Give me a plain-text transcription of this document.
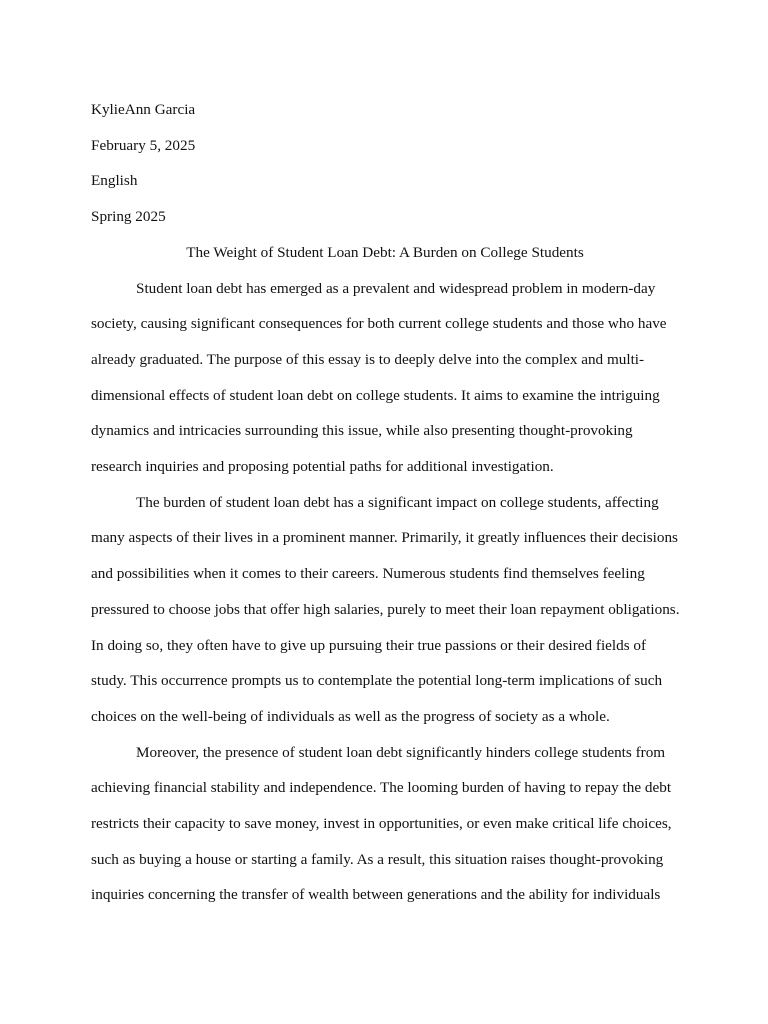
KylieAnn Garcia

February 5, 2025

English

Spring 2025

The Weight of Student Loan Debt: A Burden on College Students

Student loan debt has emerged as a prevalent and widespread problem in modern-day
society, causing significant consequences for both current college students and those who have
already graduated. The purpose of this essay is to deeply delve into the complex and multi-
dimensional effects of student loan debt on college students. It aims to examine the intriguing
dynamics and intricacies surrounding this issue, while also presenting thought-provoking
research inquiries and proposing potential paths for additional investigation.

The burden of student loan debt has a significant impact on college students, affecting
many aspects of their lives in a prominent manner. Primarily, it greatly influences their decisions
and possibilities when it comes to their careers. Numerous students find themselves feeling
pressured to choose jobs that offer high salaries, purely to meet their loan repayment obligations.
In doing so, they often have to give up pursuing their true passions or their desired fields of
study. This occurrence prompts us to contemplate the potential long-term implications of such
choices on the well-being of individuals as well as the progress of society as a whole.

Moreover, the presence of student loan debt significantly hinders college students from
achieving financial stability and independence. The looming burden of having to repay the debt
restricts their capacity to save money, invest in opportunities, or even make critical life choices,
such as buying a house or starting a family. As a result, this situation raises thought-provoking
inquiries concerning the transfer of wealth between generations and the ability for individuals
